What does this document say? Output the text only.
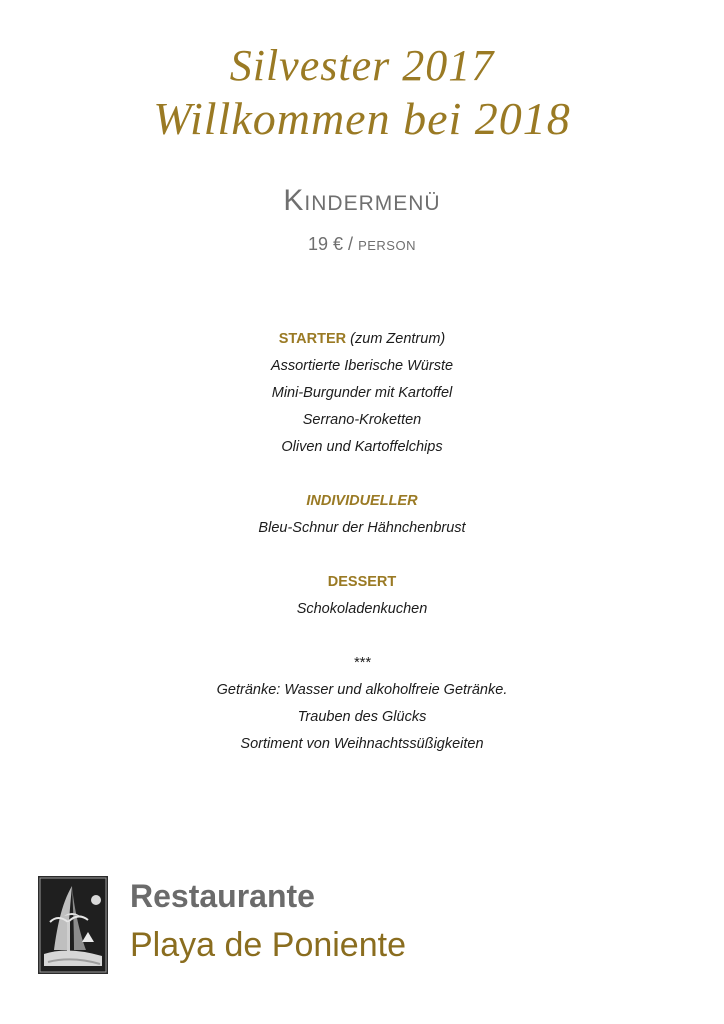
Silvester 2017
Willkommen bei 2018
Kindermenü
19 € / person
STARTER (zum Zentrum)
Assortierte Iberische Würste
Mini-Burgunder mit Kartoffel
Serrano-Kroketten
Oliven und Kartoffelchips
INDIVIDUELLER
Bleu-Schnur der Hähnchenbrust
DESSERT
Schokoladenkuchen
***
Getränke: Wasser und alkoholfreie Getränke.
Trauben des Glücks
Sortiment von Weihnachtssüßigkeiten
Restaurante
Playa de Poniente
